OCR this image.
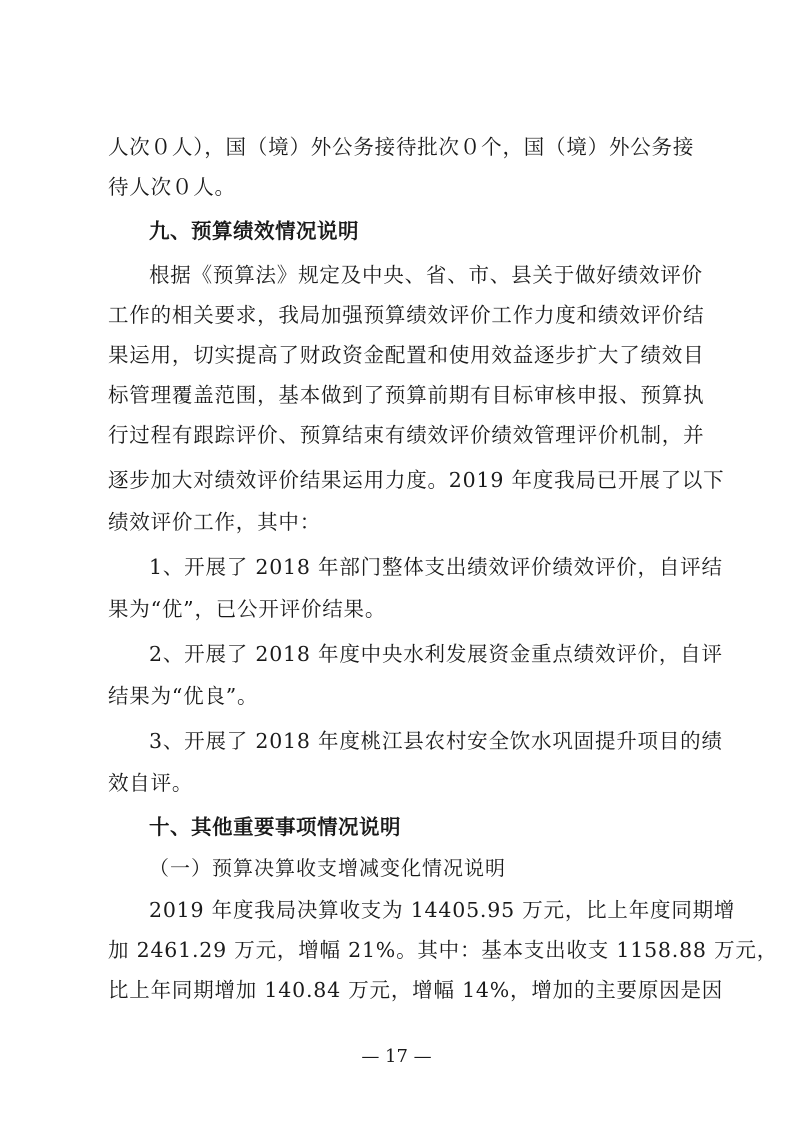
人次０人），国（境）外公务接待批次０个，国（境）外公务接
待人次０人。
九、预算绩效情况说明
根据《预算法》规定及中央、省、市、县关于做好绩效评价
工作的相关要求，我局加强预算绩效评价工作力度和绩效评价结
果运用，切实提高了财政资金配置和使用效益逐步扩大了绩效目
标管理覆盖范围，基本做到了预算前期有目标审核申报、预算执
行过程有跟踪评价、预算结束有绩效评价绩效管理评价机制，并
逐步加大对绩效评价结果运用力度。2019 年度我局已开展了以下
绩效评价工作，其中：
1、开展了 2018 年部门整体支出绩效评价绩效评价，自评结
果为“优”，已公开评价结果。
2、开展了 2018 年度中央水利发展资金重点绩效评价，自评
结果为“优良”。
3、开展了 2018 年度桃江县农村安全饮水巩固提升项目的绩
效自评。
十、其他重要事项情况说明
（一）预算决算收支增减变化情况说明
2019 年度我局决算收支为 14405.95 万元，比上年度同期增
加 2461.29 万元，增幅 21%。其中：基本支出收支 1158.88 万元，
比上年同期增加 140.84 万元，增幅 14%，增加的主要原因是因
— 17 —
